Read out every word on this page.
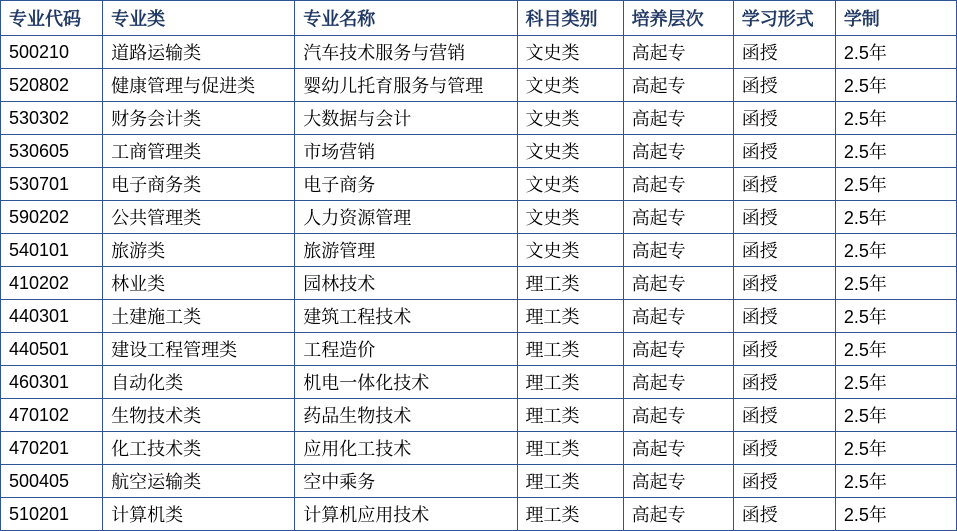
专业代码	专业类	专业名称	科目类别	培养层次	学习形式	学制
500210	道路运输类	汽车技术服务与营销	文史类	高起专	函授	2.5年
520802	健康管理与促进类	婴幼儿托育服务与管理	文史类	高起专	函授	2.5年
530302	财务会计类	大数据与会计	文史类	高起专	函授	2.5年
530605	工商管理类	市场营销	文史类	高起专	函授	2.5年
530701	电子商务类	电子商务	文史类	高起专	函授	2.5年
590202	公共管理类	人力资源管理	文史类	高起专	函授	2.5年
540101	旅游类	旅游管理	文史类	高起专	函授	2.5年
410202	林业类	园林技术	理工类	高起专	函授	2.5年
440301	土建施工类	建筑工程技术	理工类	高起专	函授	2.5年
440501	建设工程管理类	工程造价	理工类	高起专	函授	2.5年
460301	自动化类	机电一体化技术	理工类	高起专	函授	2.5年
470102	生物技术类	药品生物技术	理工类	高起专	函授	2.5年
470201	化工技术类	应用化工技术	理工类	高起专	函授	2.5年
500405	航空运输类	空中乘务	理工类	高起专	函授	2.5年
510201	计算机类	计算机应用技术	理工类	高起专	函授	2.5年
